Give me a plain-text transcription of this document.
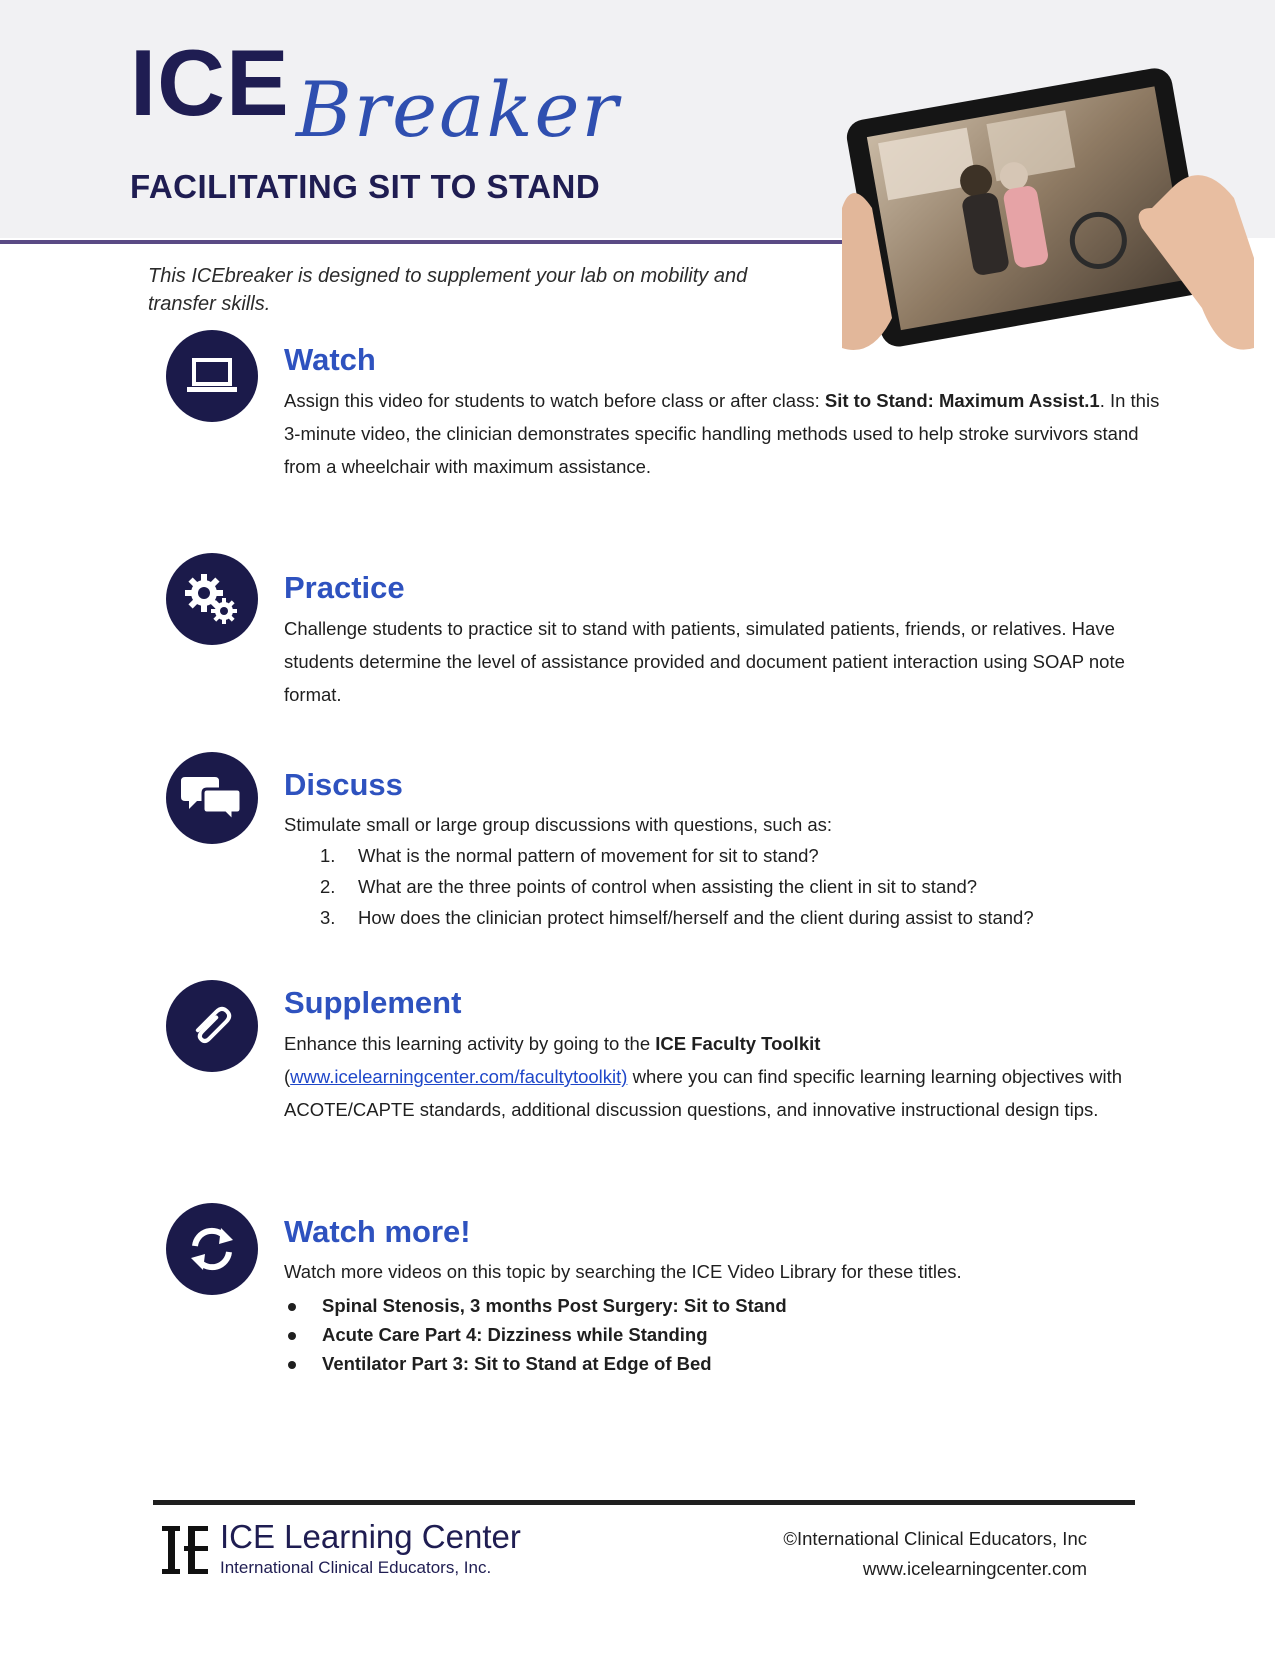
ICE Breaker
FACILITATING SIT TO STAND
This ICEbreaker is designed to supplement your lab on mobility and transfer skills.
Watch

Assign this video for students to watch before class or after class: Sit to Stand: Maximum Assist.1. In this 3-minute video, the clinician demonstrates specific handling methods used to help stroke survivors stand from a wheelchair with maximum assistance.

Practice

Challenge students to practice sit to stand with patients, simulated patients, friends, or relatives. Have students determine the level of assistance provided and document patient interaction using SOAP note format.

Discuss

Stimulate small or large group discussions with questions, such as:

1. What is the normal pattern of movement for sit to stand?
2. What are the three points of control when assisting the client in sit to stand?
3. How does the clinician protect himself/herself and the client during assist to stand?
Supplement

Enhance this learning activity by going to the ICE Faculty Toolkit
(www.icelearningcenter.com/facultytoolkit) where you can find specific learning learning objectives with ACOTE/CAPTE standards, additional discussion questions, and innovative instructional design tips.

Watch more!

Watch more videos on this topic by searching the ICE Video Library for these titles.

Spinal Stenosis, 3 months Post Surgery: Sit to Stand
Acute Care Part 4: Dizziness while Standing
Ventilator Part 3: Sit to Stand at Edge of Bed
ICE Learning Center
International Clinical Educators, Inc.
©International Clinical Educators, Inc
www.icelearningcenter.com
